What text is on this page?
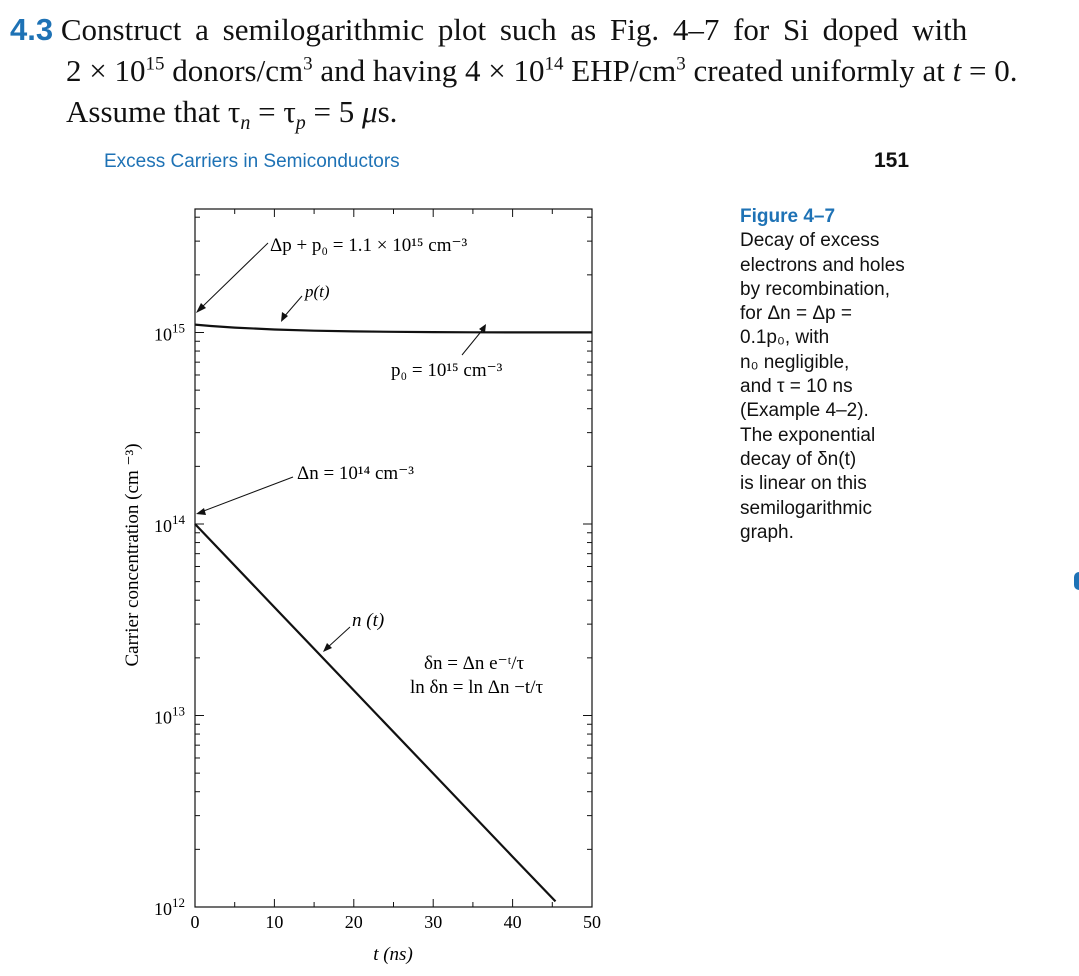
4.3 Construct a semilogarithmic plot such as Fig. 4–7 for Si doped with
$2 \times 10^{15}$ donors/$cm^3$ and having $4 \times 10^{14}$ EHP/$cm^3$ created uniformly at t = 0.
Assume that $\tau_n = \tau_p = 5$ μs.
Excess Carriers in Semiconductors	151
0	10	20	30	40	50
$10^{12}$
$10^{13}$
$10^{14}$
$10^{15}$
t (ns)
Carrier concentration (cm ⁻³)
Δp + p₀ = 1.1 × 10¹⁵ cm⁻³
p(t)
p₀ = 10¹⁵ cm⁻³
Δn = 10¹⁴ cm⁻³
n (t)
δn = Δn e⁻ᵗ/τ
ln δn = ln Δn −t/τ
Figure 4–7
Decay of excess
electrons and holes
by recombination,
for Δn = Δp =
0.1p₀, with
n₀ negligible,
and τ = 10 ns
(Example 4–2).
The exponential
decay of δn(t)
is linear on this
semilogarithmic
graph.
